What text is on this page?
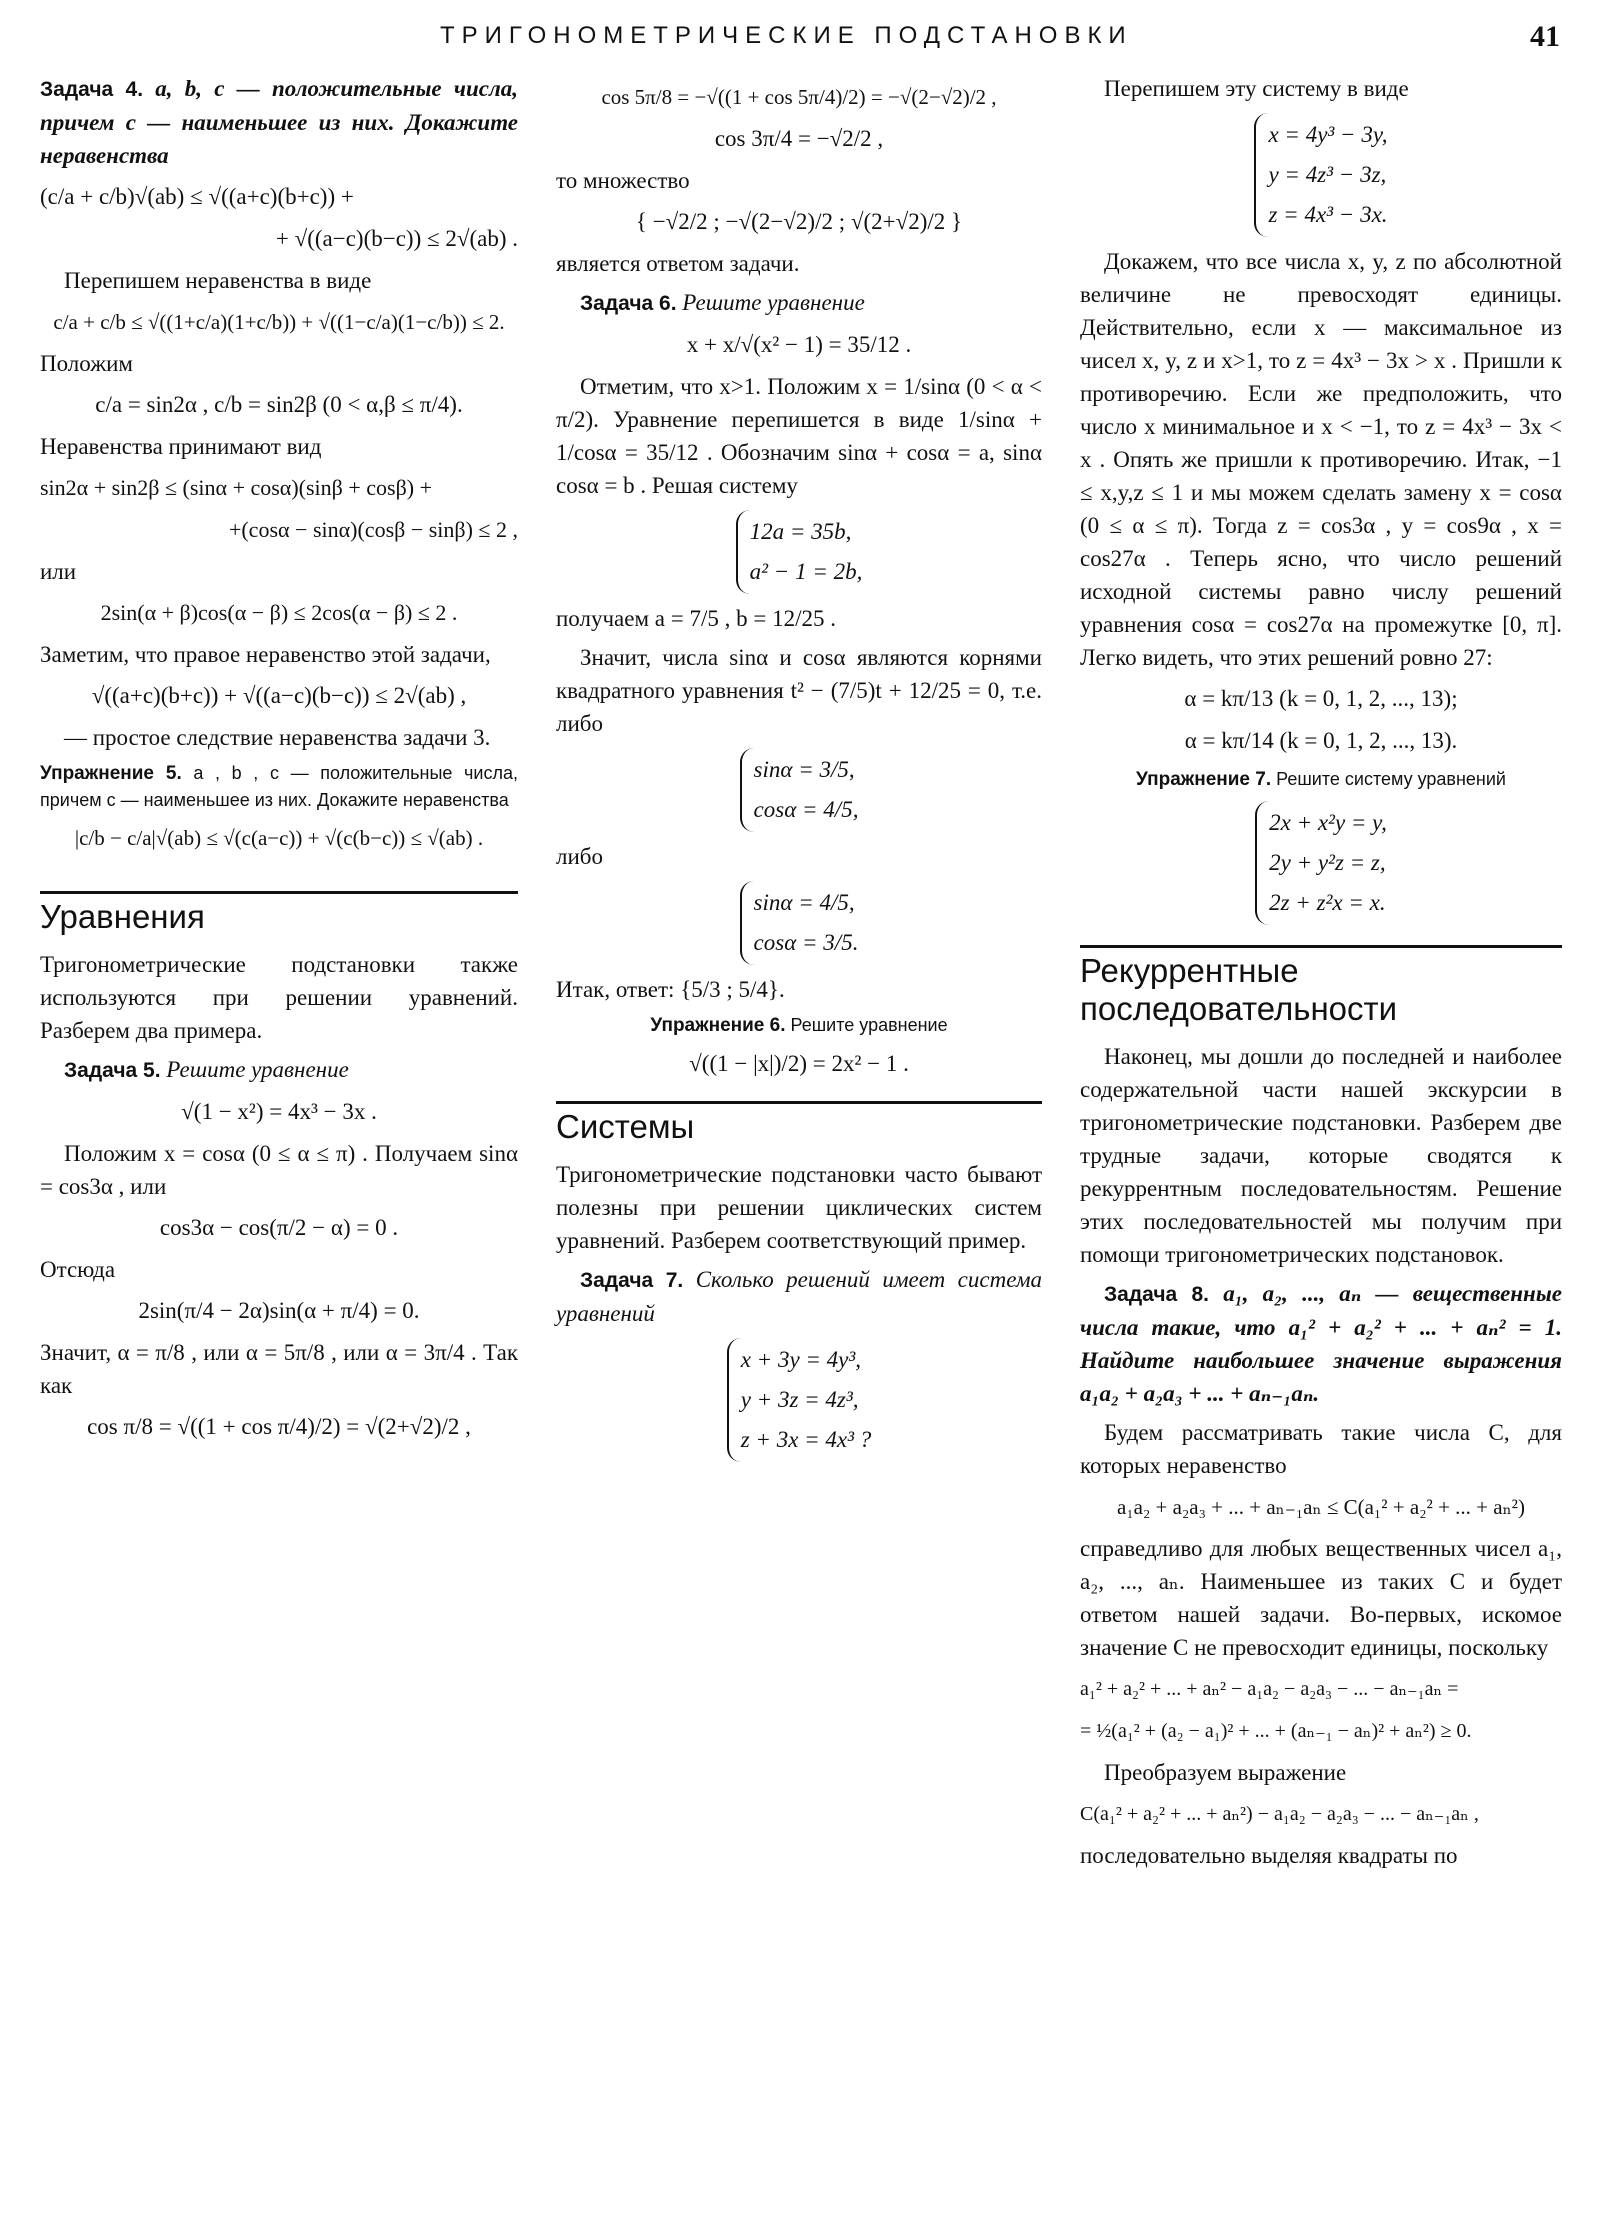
ТРИГОНОМЕТРИЧЕСКИЕ ПОДСТАНОВКИ	41

Задача 4. a, b, c — положительные числа, причем c — наименьшее из них. Докажите неравенства

(c/a + c/b)√(ab) ≤ √((a+c)(b+c)) +
+ √((a−c)(b−c)) ≤ 2√(ab) .

Перепишем неравенства в виде

c/a + c/b ≤ √((1+c/a)(1+c/b)) + √((1−c/a)(1−c/b)) ≤ 2.

Положим

c/a = sin2α , c/b = sin2β (0 < α,β ≤ π/4).

Неравенства принимают вид

sin2α + sin2β ≤ (sinα + cosα)(sinβ + cosβ) +
+(cosα − sinα)(cosβ − sinβ) ≤ 2 ,

или

2sin(α + β)cos(α − β) ≤ 2cos(α − β) ≤ 2 .

Заметим, что правое неравенство этой задачи,

√((a+c)(b+c)) + √((a−c)(b−c)) ≤ 2√(ab) ,

— простое следствие неравенства задачи 3.

Упражнение 5. a , b , c — положительные числа, причем c — наименьшее из них. Докажите неравенства

|c/b − c/a|√(ab) ≤ √(c(a−c)) + √(c(b−c)) ≤ √(ab) .
Уравнения

Тригонометрические подстановки также используются при решении уравнений. Разберем два примера.

Задача 5. Решите уравнение

√(1 − x²) = 4x³ − 3x .

Положим x = cosα (0 ≤ α ≤ π) . Получаем sinα = cos3α , или

cos3α − cos(π/2 − α) = 0 .

Отсюда

2sin(π/4 − 2α)sin(α + π/4) = 0.

Значит, α = π/8 , или α = 5π/8 , или α = 3π/4 . Так как

cos π/8 = √((1 + cos π/4)/2) = √(2+√2)/2 ,
cos 5π/8 = −√((1 + cos 5π/4)/2) = −√(2−√2)/2 ,
cos 3π/4 = −√2/2 ,

то множество

{ −√2/2 ; −√(2−√2)/2 ; √(2+√2)/2 }

является ответом задачи.

Задача 6. Решите уравнение

x + x/√(x² − 1) = 35/12 .

Отметим, что x>1. Положим x = 1/sinα (0 < α < π/2). Уравнение перепишется в виде 1/sinα + 1/cosα = 35/12 . Обозначим sinα + cosα = a, sinα cosα = b . Решая систему

12a = 35b,
a² − 1 = 2b,

получаем a = 7/5 , b = 12/25 .

Значит, числа sinα и cosα являются корнями квадратного уравнения t² − (7/5)t + 12/25 = 0, т.е. либо

sinα = 3/5,
cosα = 4/5,

либо

sinα = 4/5,
cosα = 3/5.

Итак, ответ: {5/3 ; 5/4}.

Упражнение 6. Решите уравнение

√((1 − |x|)/2) = 2x² − 1 .
Системы

Тригонометрические подстановки часто бывают полезны при решении циклических систем уравнений. Разберем соответствующий пример.

Задача 7. Сколько решений имеет система уравнений

x + 3y = 4y³,
y + 3z = 4z³,
z + 3x = 4x³ ?

Перепишем эту систему в виде

x = 4y³ − 3y,
y = 4z³ − 3z,
z = 4x³ − 3x.

Докажем, что все числа x, y, z по абсолютной величине не превосходят единицы. Действительно, если x — максимальное из чисел x, y, z и x>1, то z = 4x³ − 3x > x . Пришли к противоречию. Если же предположить, что число x минимальное и x < −1, то z = 4x³ − 3x < x . Опять же пришли к противоречию. Итак, −1 ≤ x,y,z ≤ 1 и мы можем сделать замену x = cosα (0 ≤ α ≤ π). Тогда z = cos3α , y = cos9α , x = cos27α . Теперь ясно, что число решений исходной системы равно числу решений уравнения cosα = cos27α на промежутке [0, π]. Легко видеть, что этих решений ровно 27:

α = kπ/13 (k = 0, 1, 2, ..., 13);
α = kπ/14 (k = 0, 1, 2, ..., 13).

Упражнение 7. Решите систему уравнений

2x + x²y = y,
2y + y²z = z,
2z + z²x = x.
Рекуррентные последовательности

Наконец, мы дошли до последней и наиболее содержательной части нашей экскурсии в тригонометрические подстановки. Разберем две трудные задачи, которые сводятся к рекуррентным последовательностям. Решение этих последовательностей мы получим при помощи тригонометрических подстановок.

Задача 8. a₁, a₂, ..., aₙ — вещественные числа такие, что a₁² + a₂² + ... + aₙ² = 1. Найдите наибольшее значение выражения a₁a₂ + a₂a₃ + ... + aₙ₋₁aₙ.

Будем рассматривать такие числа C, для которых неравенство

a₁a₂ + a₂a₃ + ... + aₙ₋₁aₙ ≤ C(a₁² + a₂² + ... + aₙ²)

справедливо для любых вещественных чисел a₁, a₂, ..., aₙ. Наименьшее из таких C и будет ответом нашей задачи. Во-первых, искомое значение C не превосходит единицы, поскольку

a₁² + a₂² + ... + aₙ² − a₁a₂ − a₂a₃ − ... − aₙ₋₁aₙ =
= ½(a₁² + (a₂ − a₁)² + ... + (aₙ₋₁ − aₙ)² + aₙ²) ≥ 0.

Преобразуем выражение

C(a₁² + a₂² + ... + aₙ²) − a₁a₂ − a₂a₃ − ... − aₙ₋₁aₙ ,

последовательно выделяя квадраты по
